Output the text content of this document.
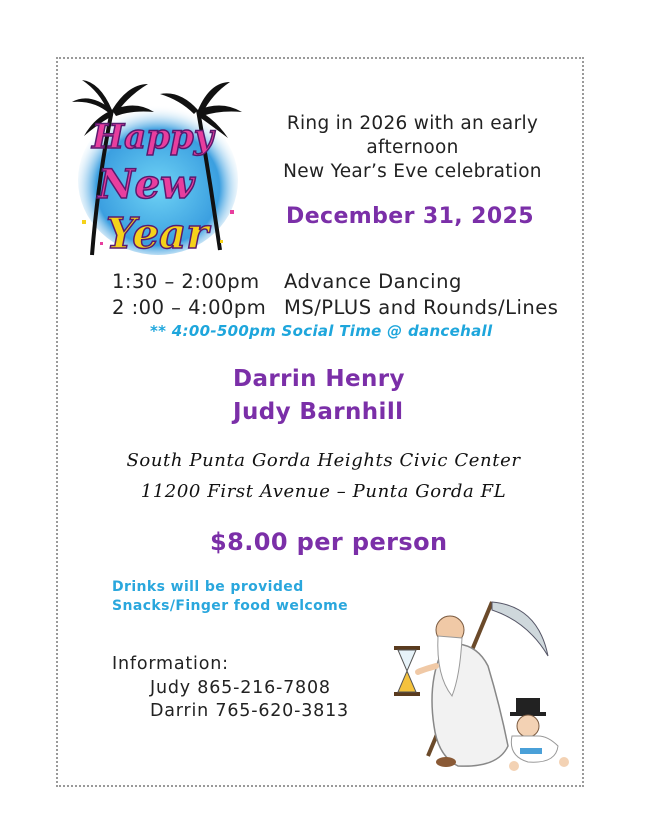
Happy
New
Year
Ring in 2026 with an early
afternoon
New Year’s Eve celebration
December 31, 2025
1:30 – 2:00pm Advance Dancing
2 :00 – 4:00pm MS/PLUS and Rounds/Lines
** 4:00-500pm Social Time @ dancehall
Darrin Henry
Judy Barnhill
South Punta Gorda Heights Civic Center
11200 First Avenue – Punta Gorda FL
$8.00 per person
Drinks will be provided
Snacks/Finger food welcome
Information:
Judy 865-216-7808
Darrin 765-620-3813
